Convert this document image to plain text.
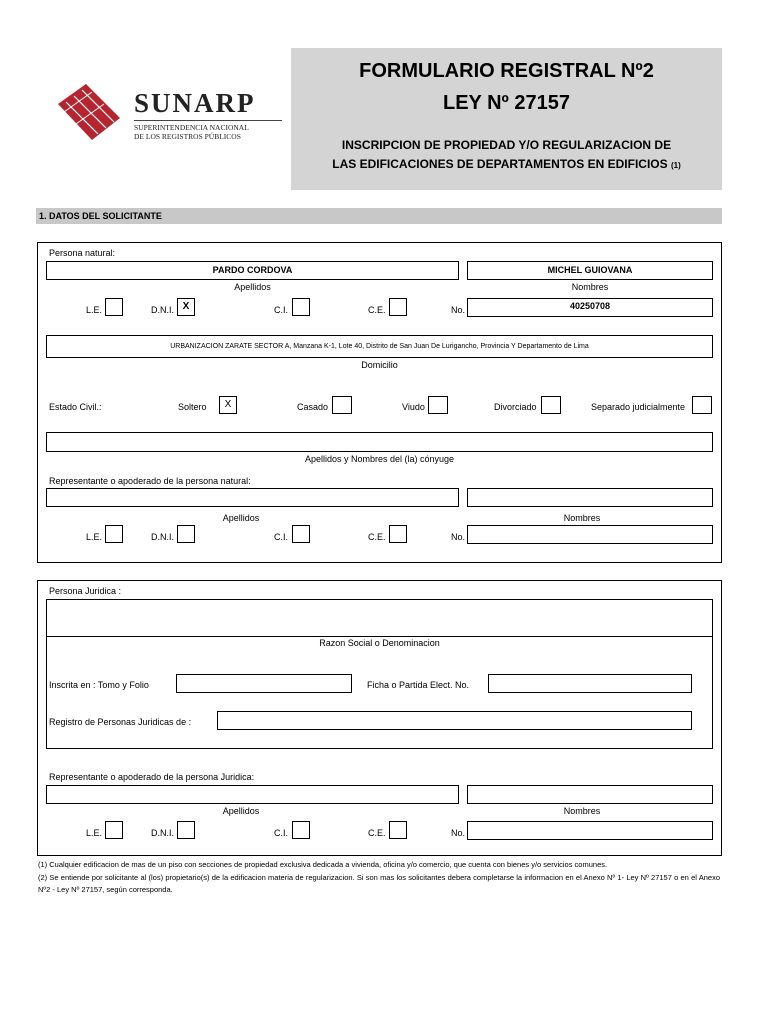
SUNARP
SUPERINTENDENCIA NACIONAL
DE LOS REGISTROS PÚBLICOS
FORMULARIO REGISTRAL Nº2
LEY Nº 27157
INSCRIPCION DE PROPIEDAD Y/O REGULARIZACION DE
LAS EDIFICACIONES DE DEPARTAMENTOS EN EDIFICIOS (1)
1. DATOS DEL SOLICITANTE
Persona natural:
PARDO CORDOVA	MICHEL GUIOVANA
Apellidos	Nombres
L.E.	D.N.I. X	C.I.	C.E.	No.	40250708
URBANIZACION ZARATE SECTOR A, Manzana K-1, Lote 40, Distrito de San Juan De Lurigancho, Provincia Y Departamento de Lima
Domicilio
Estado Civil.:	Soltero	X	Casado	Viudo	Divorciado	Separado judicialmente
Apellidos y Nombres del (la) cónyuge
Representante o apoderado de la persona natural:
Apellidos	Nombres
L.E.	D.N.I.	C.I.	C.E.	No.
Persona Juridica :
Razon Social o Denominacion
Inscrita en : Tomo y Folio	Ficha o Partida Elect. No.
Registro de Personas Juridicas de :
Representante o apoderado de la persona Juridica:
Apellidos	Nombres
L.E.	D.N.I.	C.I.	C.E.	No.
(1) Cualquier edificacion de mas de un piso con secciones de propiedad exclusiva dedicada a vivienda, oficina y/o comercio, que cuenta con bienes y/o servicios comunes.
(2) Se entiende por solicitante al (los) propietario(s) de la edificacion materia de regularizacion. Si son mas los solicitantes debera completarse la informacion en el Anexo Nº 1- Ley Nº 27157 o en el Anexo Nº2 - Ley Nº 27157, según corresponda.
